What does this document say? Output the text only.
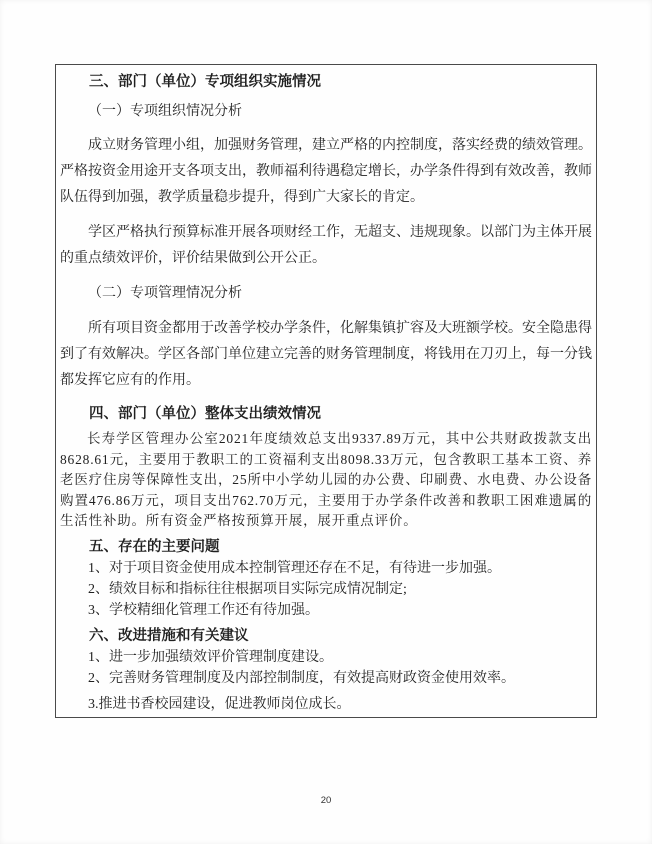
三、部门（单位）专项组织实施情况

（一）专项组织情况分析

成立财务管理小组，加强财务管理，建立严格的内控制度，落实经费的绩效管理。严格按资金用途开支各项支出，教师福利待遇稳定增长，办学条件得到有效改善，教师队伍得到加强，教学质量稳步提升，得到广大家长的肯定。

学区严格执行预算标准开展各项财经工作，无超支、违规现象。以部门为主体开展的重点绩效评价，评价结果做到公开公正。

（二）专项管理情况分析

所有项目资金都用于改善学校办学条件，化解集镇扩容及大班额学校。安全隐患得到了有效解决。学区各部门单位建立完善的财务管理制度，将钱用在刀刃上，每一分钱都发挥它应有的作用。

四、部门（单位）整体支出绩效情况

长寿学区管理办公室2021年度绩效总支出9337.89万元，其中公共财政拨款支出8628.61元，主要用于教职工的工资福利支出8098.33万元，包含教职工基本工资、养老医疗住房等保障性支出，25所中小学幼儿园的办公费、印刷费、水电费、办公设备购置476.86万元，项目支出762.70万元，主要用于办学条件改善和教职工困难遗属的生活性补助。所有资金严格按预算开展，展开重点评价。

五、存在的主要问题

1、对于项目资金使用成本控制管理还存在不足，有待进一步加强。

2、绩效目标和指标往往根据项目实际完成情况制定;

3、学校精细化管理工作还有待加强。

六、改进措施和有关建议

1、进一步加强绩效评价管理制度建设。

2、完善财务管理制度及内部控制制度，有效提高财政资金使用效率。

3.推进书香校园建设，促进教师岗位成长。

20
